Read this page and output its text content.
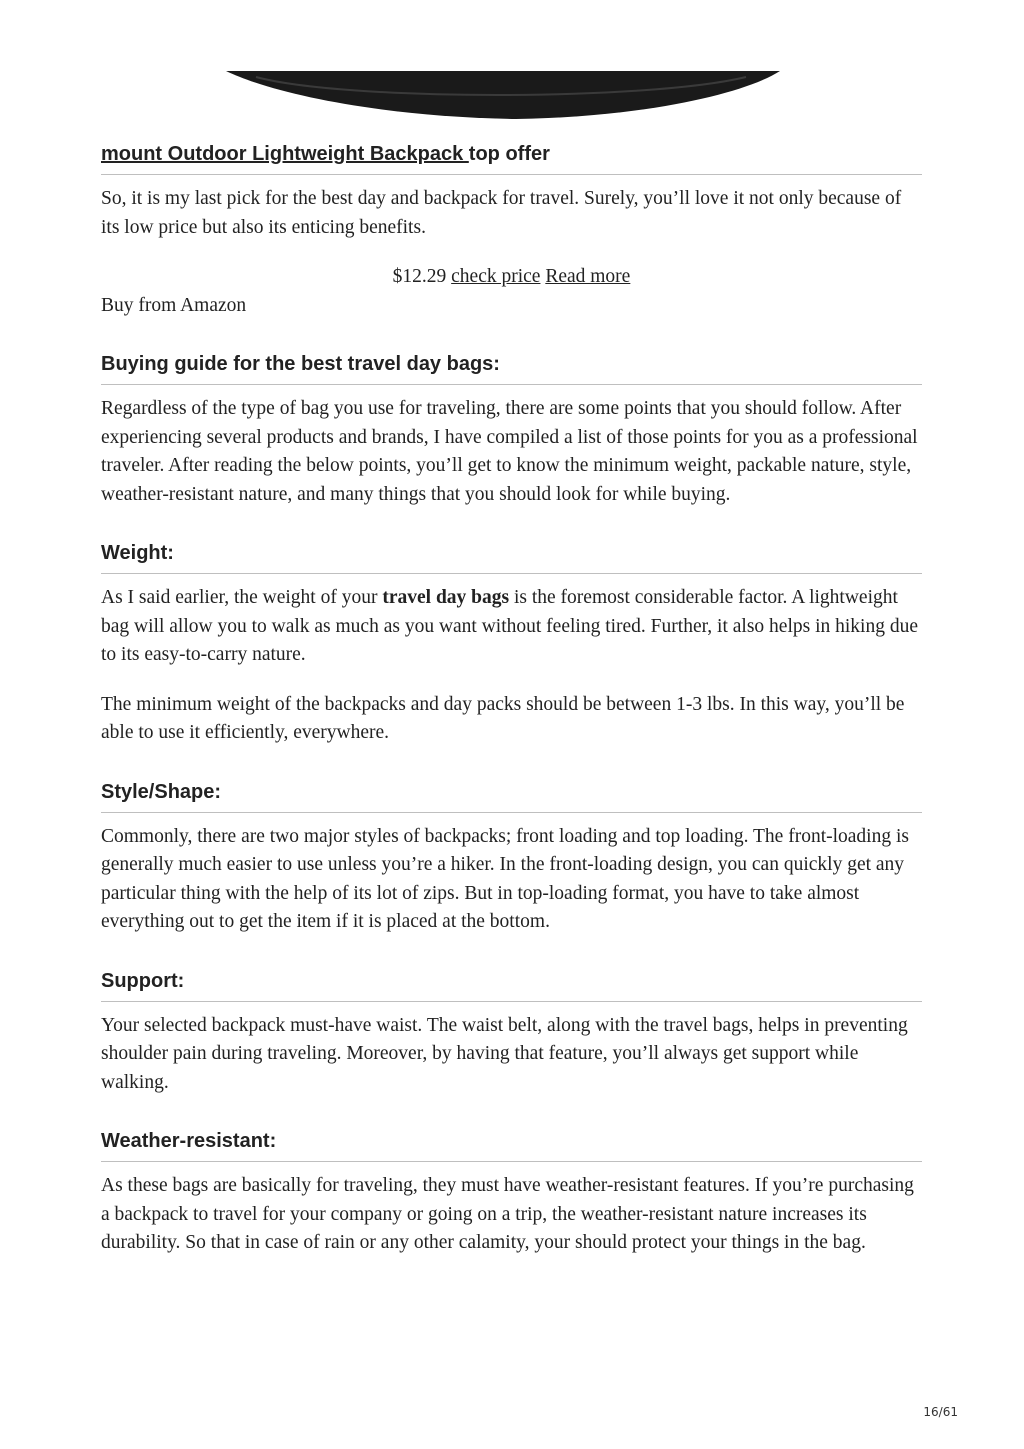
mount Outdoor Lightweight Backpack top offer

So, it is my last pick for the best day and backpack for travel. Surely, you’ll love it not only because of its low price but also its enticing benefits.

$12.29 check price Read more

Buy from Amazon

Buying guide for the best travel day bags:

Regardless of the type of bag you use for traveling, there are some points that you should follow. After experiencing several products and brands, I have compiled a list of those points for you as a professional traveler. After reading the below points, you’ll get to know the minimum weight, packable nature, style, weather-resistant nature, and many things that you should look for while buying.

Weight:

As I said earlier, the weight of your travel day bags is the foremost considerable factor. A lightweight bag will allow you to walk as much as you want without feeling tired. Further, it also helps in hiking due to its easy-to-carry nature.

The minimum weight of the backpacks and day packs should be between 1-3 lbs. In this way, you’ll be able to use it efficiently, everywhere.

Style/Shape:

Commonly, there are two major styles of backpacks; front loading and top loading. The front-loading is generally much easier to use unless you’re a hiker. In the front-loading design, you can quickly get any particular thing with the help of its lot of zips. But in top-loading format, you have to take almost everything out to get the item if it is placed at the bottom.

Support:

Your selected backpack must-have waist. The waist belt, along with the travel bags, helps in preventing shoulder pain during traveling. Moreover, by having that feature, you’ll always get support while walking.

Weather-resistant:

As these bags are basically for traveling, they must have weather-resistant features. If you’re purchasing a backpack to travel for your company or going on a trip, the weather-resistant nature increases its durability. So that in case of rain or any other calamity, your should protect your things in the bag.

16/61
